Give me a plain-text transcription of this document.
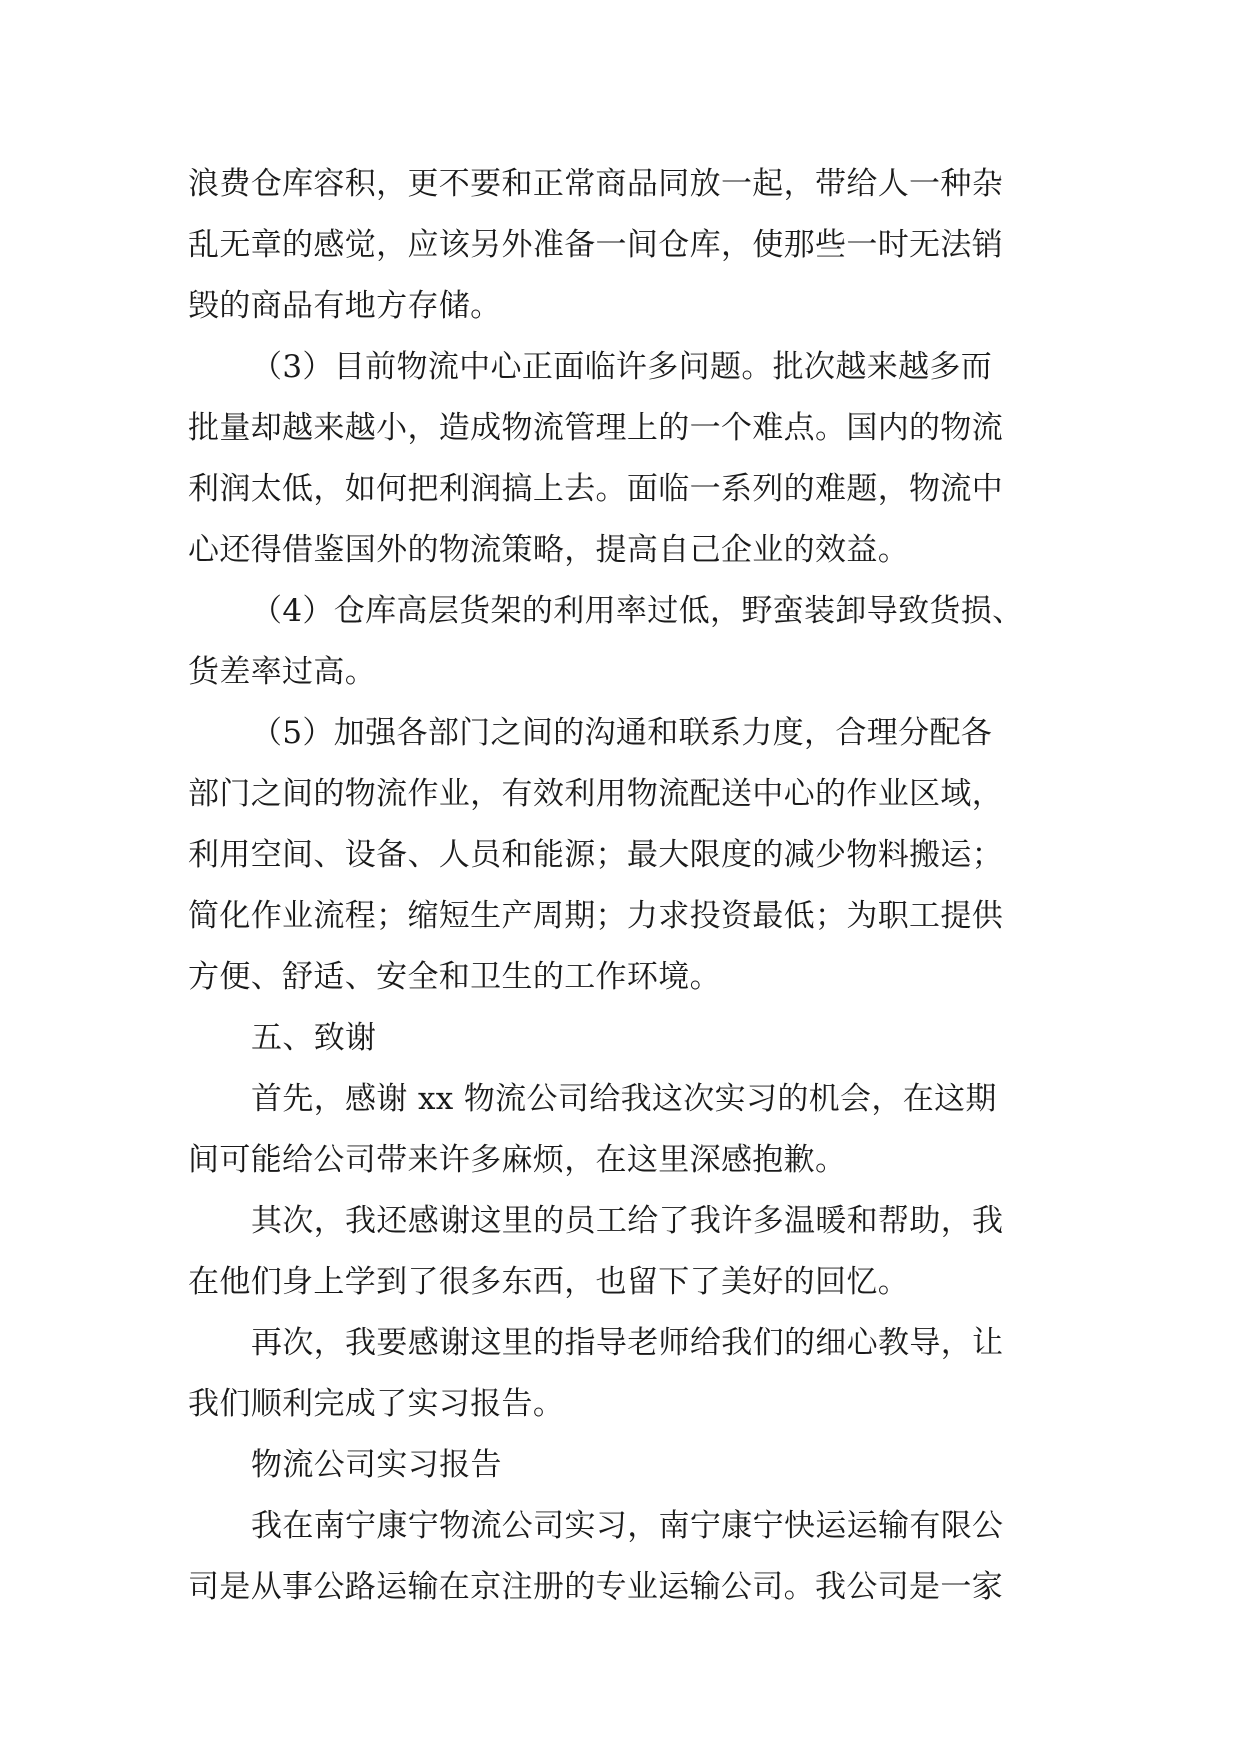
浪费仓库容积，更不要和正常商品同放一起，带给人一种杂
乱无章的感觉，应该另外准备一间仓库，使那些一时无法销
毁的商品有地方存储。
（3）目前物流中心正面临许多问题。批次越来越多而
批量却越来越小，造成物流管理上的一个难点。国内的物流
利润太低，如何把利润搞上去。面临一系列的难题，物流中
心还得借鉴国外的物流策略，提高自己企业的效益。
（4）仓库高层货架的利用率过低，野蛮装卸导致货损、
货差率过高。
（5）加强各部门之间的沟通和联系力度，合理分配各
部门之间的物流作业，有效利用物流配送中心的作业区域，
利用空间、设备、人员和能源；最大限度的减少物料搬运；
简化作业流程；缩短生产周期；力求投资最低；为职工提供
方便、舒适、安全和卫生的工作环境。
五、致谢
首先，感谢 xx 物流公司给我这次实习的机会，在这期
间可能给公司带来许多麻烦，在这里深感抱歉。
其次，我还感谢这里的员工给了我许多温暖和帮助，我
在他们身上学到了很多东西，也留下了美好的回忆。
再次，我要感谢这里的指导老师给我们的细心教导，让
我们顺利完成了实习报告。
物流公司实习报告
我在南宁康宁物流公司实习，南宁康宁快运运输有限公
司是从事公路运输在京注册的专业运输公司。我公司是一家
